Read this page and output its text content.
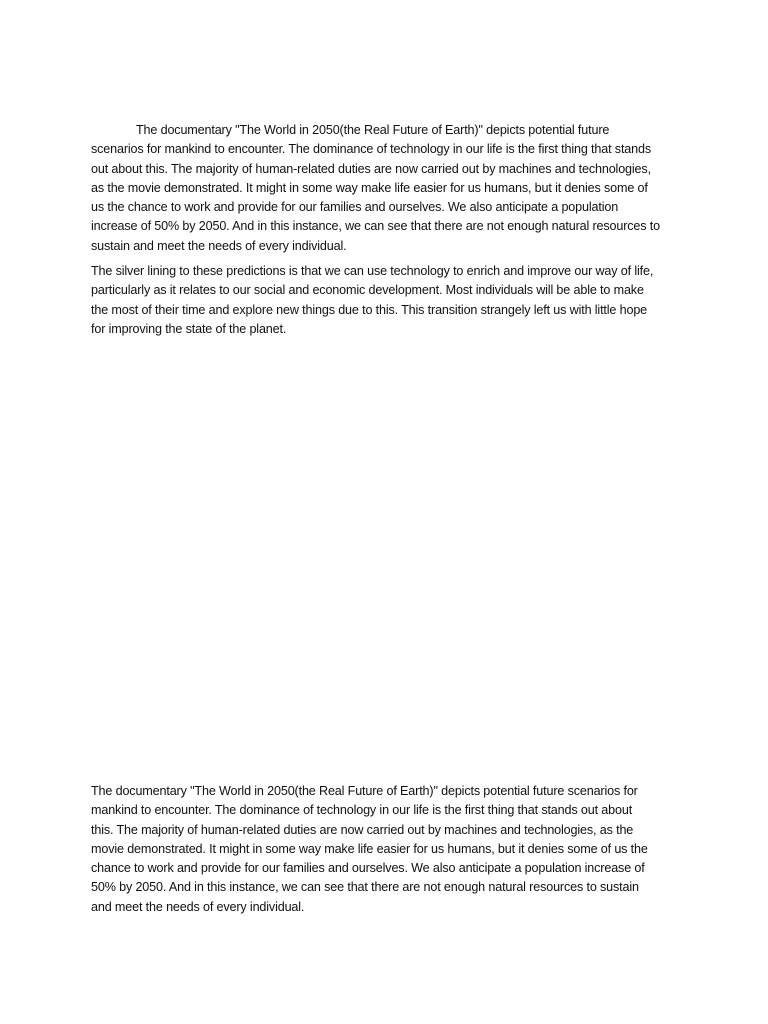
The documentary "The World in 2050(the Real Future of Earth)" depicts potential future
scenarios for mankind to encounter. The dominance of technology in our life is the first thing that stands
out about this. The majority of human-related duties are now carried out by machines and technologies,
as the movie demonstrated. It might in some way make life easier for us humans, but it denies some of
us the chance to work and provide for our families and ourselves. We also anticipate a population
increase of 50% by 2050. And in this instance, we can see that there are not enough natural resources to
sustain and meet the needs of every individual.
The silver lining to these predictions is that we can use technology to enrich and improve our way of life,
particularly as it relates to our social and economic development. Most individuals will be able to make
the most of their time and explore new things due to this. This transition strangely left us with little hope
for improving the state of the planet.
The documentary "The World in 2050(the Real Future of Earth)" depicts potential future scenarios for
mankind to encounter. The dominance of technology in our life is the first thing that stands out about
this. The majority of human-related duties are now carried out by machines and technologies, as the
movie demonstrated. It might in some way make life easier for us humans, but it denies some of us the
chance to work and provide for our families and ourselves. We also anticipate a population increase of
50% by 2050. And in this instance, we can see that there are not enough natural resources to sustain
and meet the needs of every individual.
